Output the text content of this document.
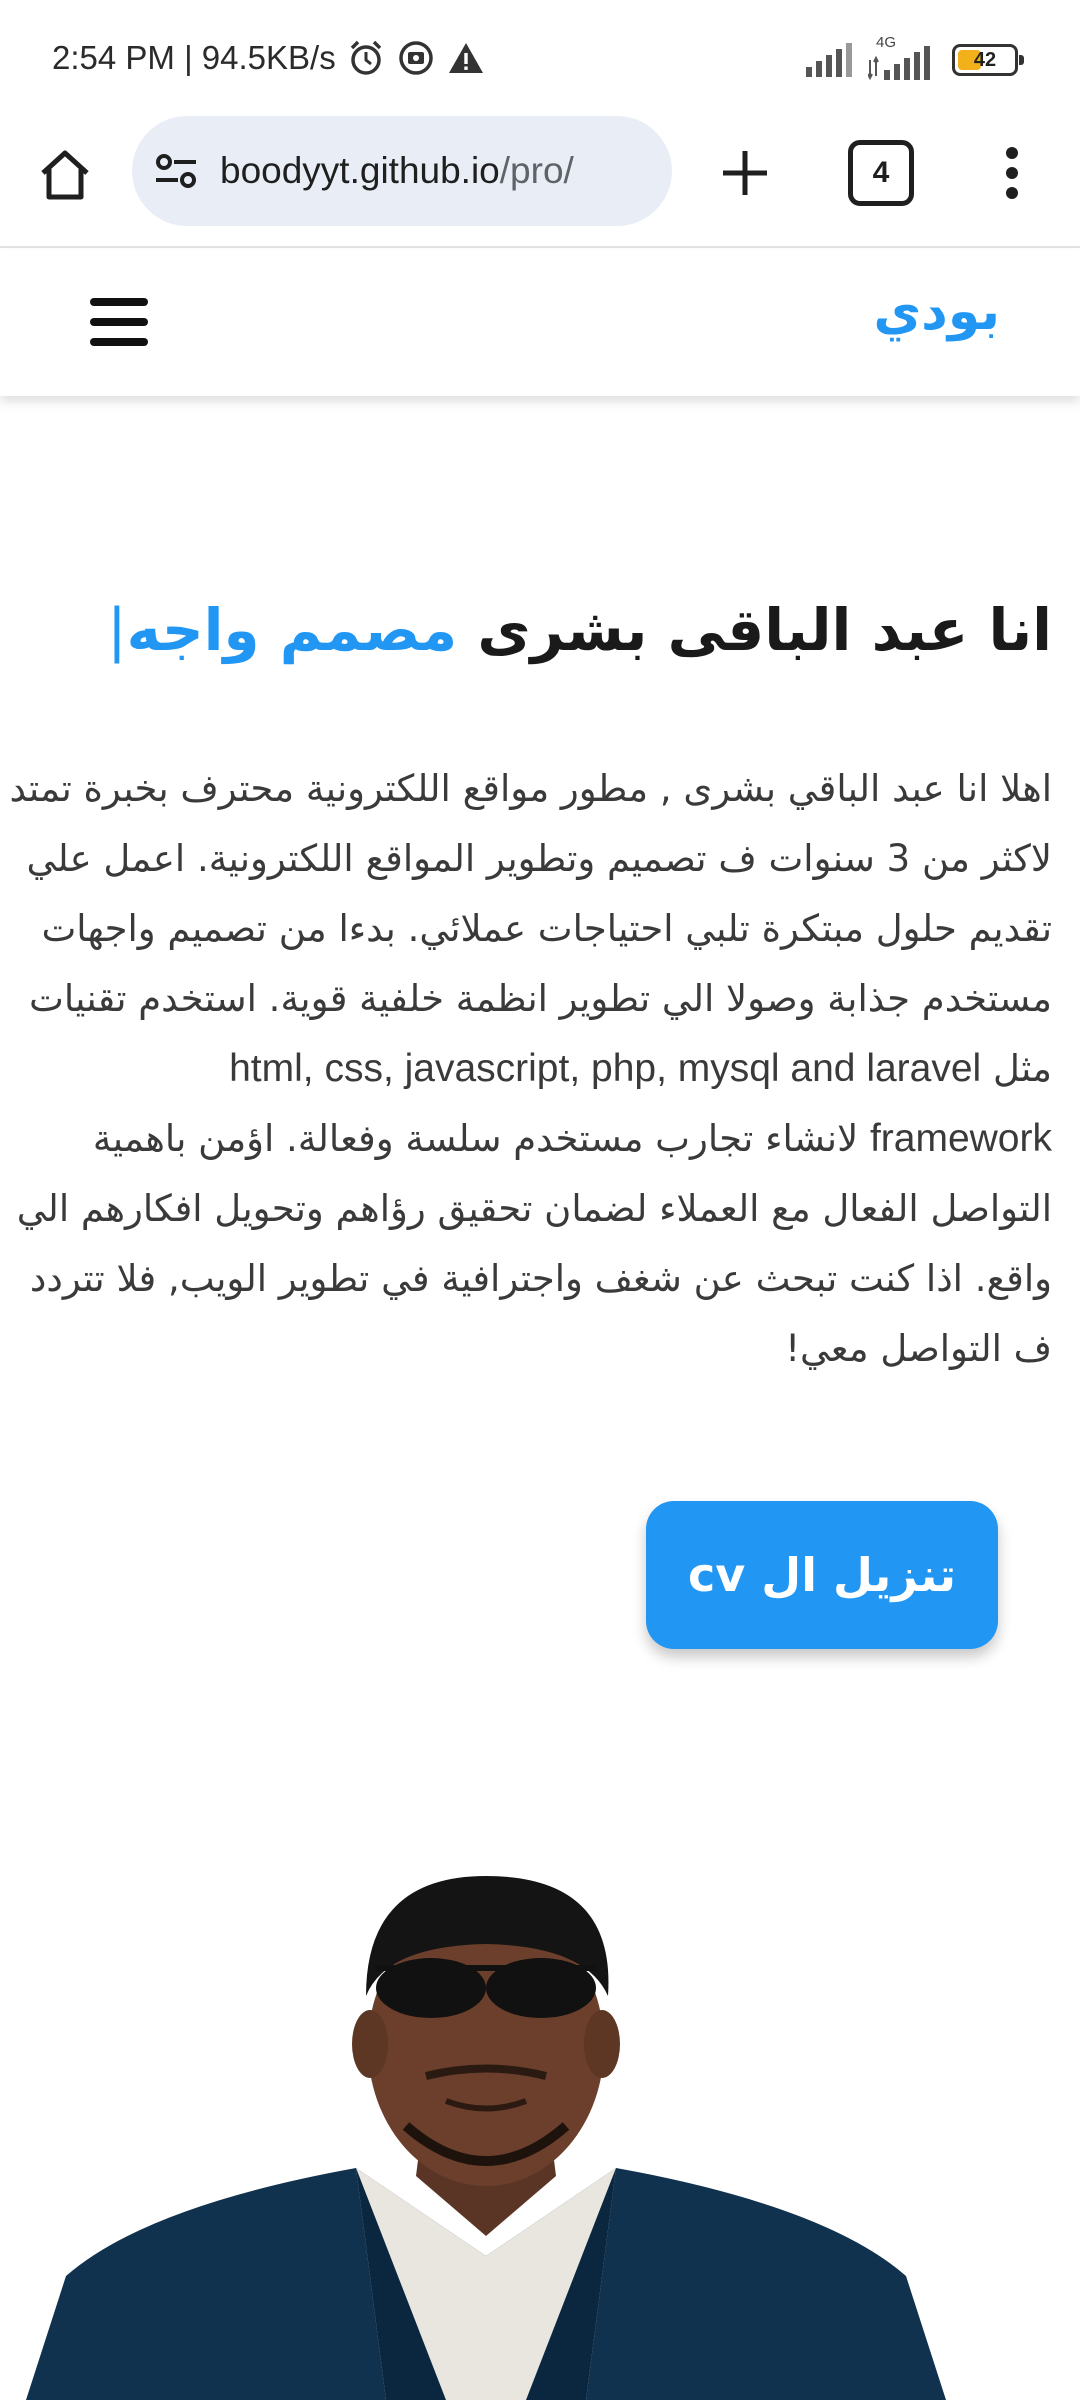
2:54 PM | 94.5KB/s	4G
42
boodyyt.github.io /pro/	4
بودي
انا عبد الباقى بشرى مصمم واجه|
اهلا انا عبد الباقي بشرى , مطور مواقع اللكترونية محترف بخبرة تمتد
لاكثر من 3 سنوات ف تصميم وتطوير المواقع اللكترونية. اعمل علي
تقديم حلول مبتكرة تلبي احتياجات عملائي. بدءا من تصميم واجهات
مستخدم جذابة وصولا الي تطوير انظمة خلفية قوية. استخدم تقنيات
مثل html, css, javascript, php, mysql and laravel
framework لانشاء تجارب مستخدم سلسة وفعالة. اؤمن باهمية
التواصل الفعال مع العملاء لضمان تحقيق رؤاهم وتحويل افكارهم الي
واقع. اذا كنت تبحث عن شغف واجترافية في تطوير الويب, فلا تتردد
ف التواصل معي!
تنزيل ال cv
